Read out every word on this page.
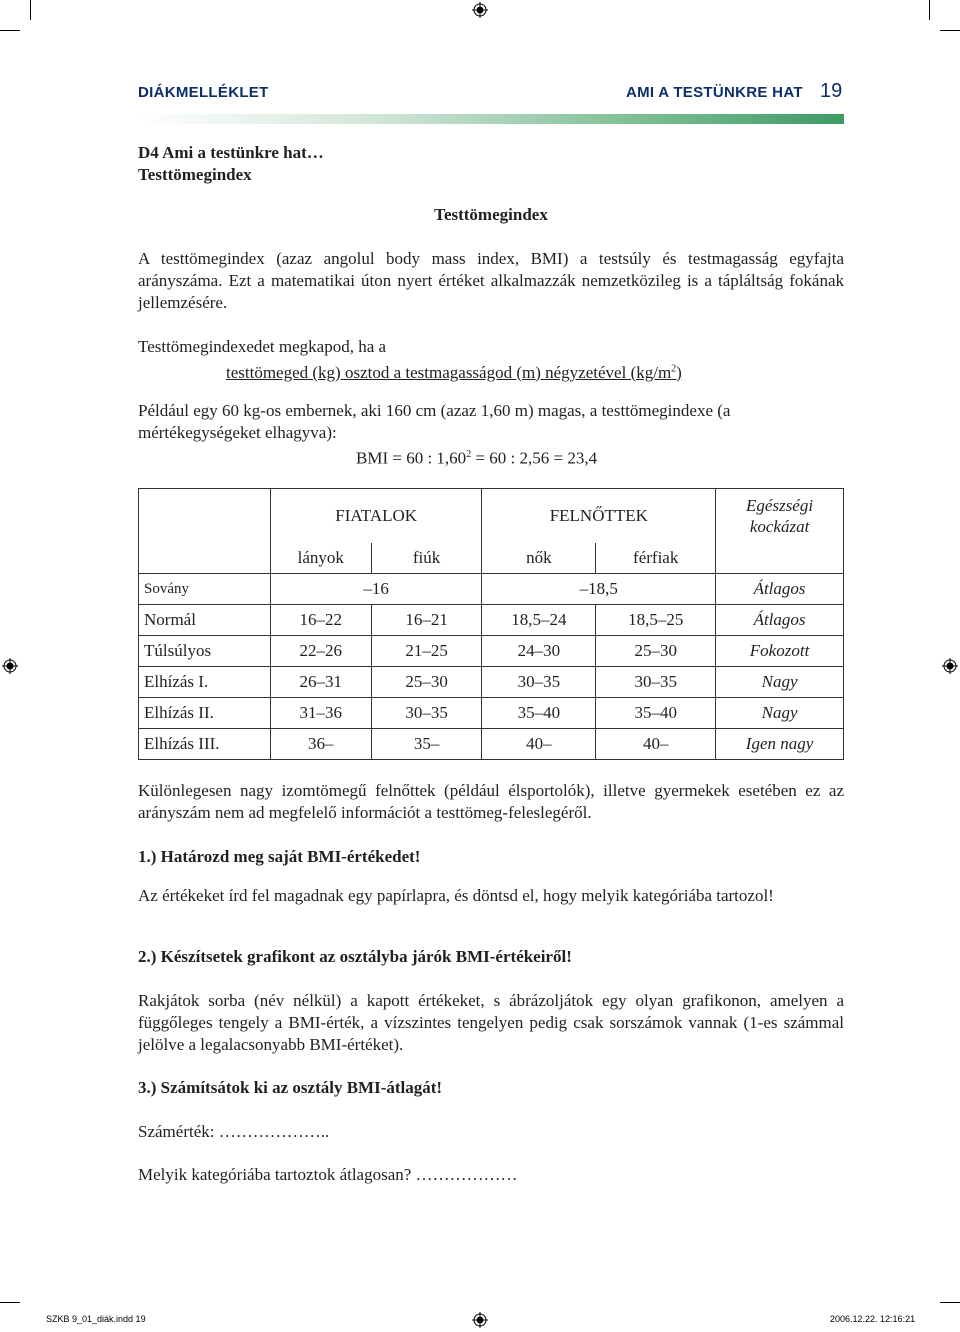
DIÁKMELLÉKLET	AMI A TESTÜNKRE HAT 19
D4 Ami a testünkre hat…
Testtömegindex
Testtömegindex
A testtömegindex (azaz angolul body mass index, BMI) a testsúly és testmagasság egyfajta arányszáma. Ezt a matematikai úton nyert értéket alkalmazzák nemzetközileg is a tápláltság fokának jellemzésére.
Testtömegindexedet megkapod, ha a
testtömeged (kg) osztod a testmagasságod (m) négyzetével $(kg/m^2)$
Például egy 60 kg-os embernek, aki 160 cm (azaz 1,60 m) magas, a testtömegindexe (a mértékegységeket elhagyva):
BMI = 60 : $1,60^2 = 60$ : 2,56 = 23,4
	FIATALOK		FELNŐTTEK		Egészségi
kockázat
	lányok	fiúk	nők	férfiak	
Sovány	–16		–18,5		Átlagos
Normál	16–22	16–21	18,5–24	18,5–25	Átlagos
Túlsúlyos	22–26	21–25	24–30	25–30	Fokozott
Elhízás I.	26–31	25–30	30–35	30–35	Nagy
Elhízás II.	31–36	30–35	35–40	35–40	Nagy
Elhízás III.	36–	35–	40–	40–	Igen nagy
Különlegesen nagy izomtömegű felnőttek (például élsportolók), illetve gyermekek esetében ez az arányszám nem ad megfelelő információt a testtömeg-feleslegéről.
1.) Határozd meg saját BMI-értékedet!
Az értékeket írd fel magadnak egy papírlapra, és döntsd el, hogy melyik kategóriába tartozol!
2.) Készítsetek grafikont az osztályba járók BMI-értékeiről!
Rakjátok sorba (név nélkül) a kapott értékeket, s ábrázoljátok egy olyan grafikonon, amelyen a függőleges tengely a BMI-érték, a vízszintes tengelyen pedig csak sorszámok vannak (1-es számmal jelölve a legalacsonyabb BMI-értéket).
3.) Számítsátok ki az osztály BMI-átlagát!
Számérték: ………………..
Melyik kategóriába tartoztok átlagosan? ………………
SZKB 9_01_diák.indd 19	2006.12.22. 12:16:21
